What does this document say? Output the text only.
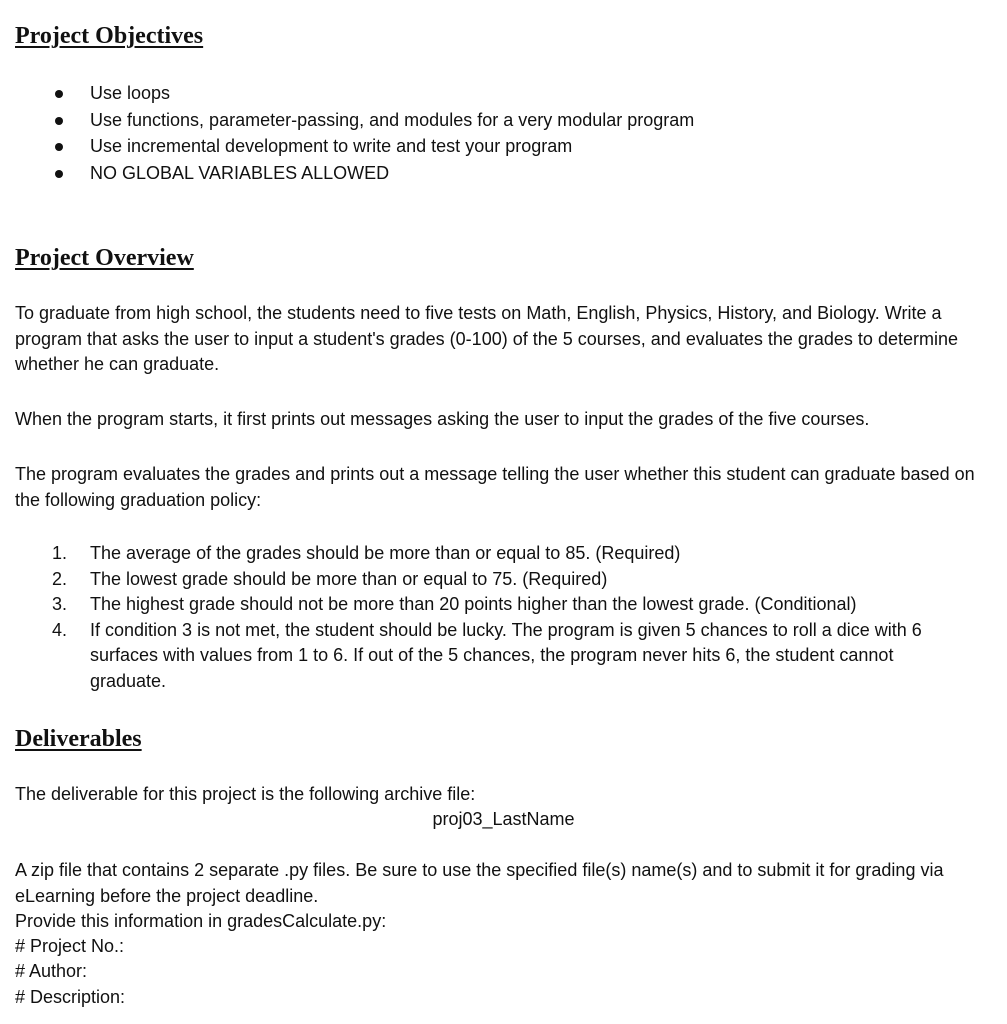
Project Objectives
Use loops
Use functions, parameter-passing, and modules for a very modular program
Use incremental development to write and test your program
NO GLOBAL VARIABLES ALLOWED
Project Overview

To graduate from high school, the students need to five tests on Math, English, Physics, History, and Biology. Write a program that asks the user to input a student's grades (0-100) of the 5 courses, and evaluates the grades to determine whether he can graduate.

When the program starts, it first prints out messages asking the user to input the grades of the five courses.

The program evaluates the grades and prints out a message telling the user whether this student can graduate based on the following graduation policy:

1. The average of the grades should be more than or equal to 85. (Required)
2. The lowest grade should be more than or equal to 75. (Required)
3. The highest grade should not be more than 20 points higher than the lowest grade. (Conditional)
4. If condition 3 is not met, the student should be lucky. The program is given 5 chances to roll a dice with 6 surfaces with values from 1 to 6. If out of the 5 chances, the program never hits 6, the student cannot graduate.
Deliverables

The deliverable for this project is the following archive file:

proj03_LastName

A zip file that contains 2 separate .py files. Be sure to use the specified file(s) name(s) and to submit it for grading via eLearning before the project deadline.

Provide this information in gradesCalculate.py:

# Project No.:

# Author:

# Description:
